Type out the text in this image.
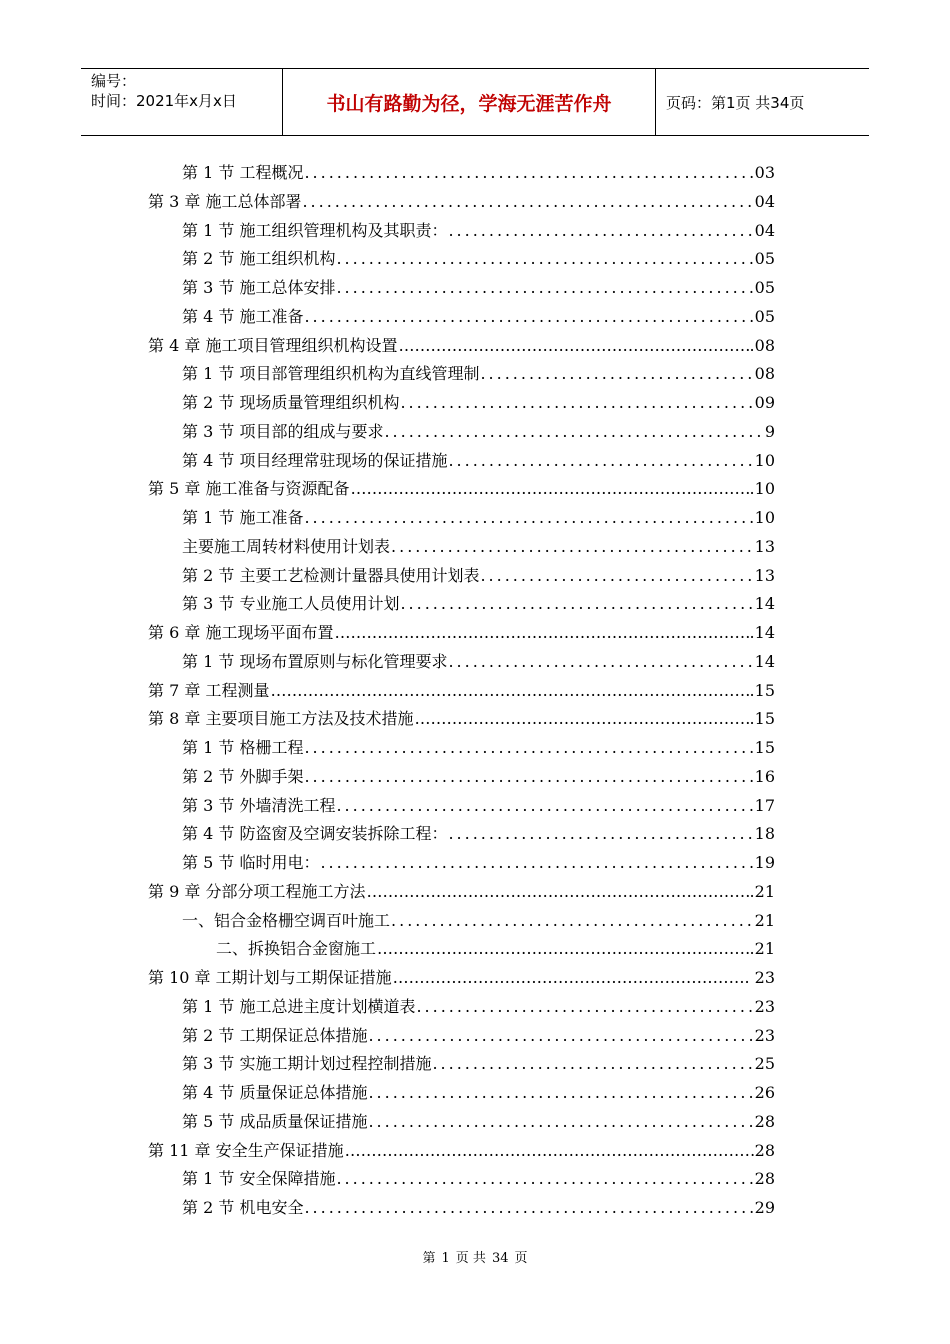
编号：
时间：2021年x月x日	书山有路勤为径，学海无涯苦作舟	页码：第1页 共34页
第 1 节 工程概况 .....	03
第 3 章 施工总体部署 .....	04
第 1 节 施工组织管理机构及其职责： .....	04
第 2 节 施工组织机构 .....	05
第 3 节 施工总体安排 .....	05
第 4 节 施工准备 .....	05
第 4 章 施工项目管理组织机构设置 ……………………………………………………………………………………………………………………………………………………………………………………………	.08
第 1 节 项目部管理组织机构为直线管理制 .....	08
第 2 节 现场质量管理组织机构 .....	09
第 3 节 项目部的组成与要求 .....	9
第 4 节 项目经理常驻现场的保证措施 .....	10
第 5 章 施工准备与资源配备 ……………………………………………………………………………………………………………………………………………………………………………………………	.10
第 1 节 施工准备 .....	10
主要施工周转材料使用计划表 .....	13
第 2 节 主要工艺检测计量器具使用计划表 .....	13
第 3 节 专业施工人员使用计划 .....	14
第 6 章 施工现场平面布置 ……………………………………………………………………………………………………………………………………………………………………………………………	.14
第 1 节 现场布置原则与标化管理要求 .....	14
第 7 章 工程测量 ……………………………………………………………………………………………………………………………………………………………………………………………	.15
第 8 章 主要项目施工方法及技术措施 ……………………………………………………………………………………………………………………………………………………………………………………………	.15
第 1 节 格栅工程 .....	15
第 2 节 外脚手架 .....	16
第 3 节 外墙清洗工程 .....	17
第 4 节 防盗窗及空调安装拆除工程： .....	18
第 5 节 临时用电： .....	19
第 9 章 分部分项工程施工方法 ……………………………………………………………………………………………………………………………………………………………………………………………	.21
一、铝合金格栅空调百叶施工 .....	21
二、拆换铝合金窗施工 ……………………………………………………………………………………………………………………………………………………………………………………………	.21
第 10 章 工期计划与工期保证措施 ……………………………………………………………………………………………………………………………………………………………………………………………	. 23
第 1 节 施工总进主度计划横道表 .....	23
第 2 节 工期保证总体措施 .....	23
第 3 节 实施工期计划过程控制措施 .....	25
第 4 节 质量保证总体措施 .....	26
第 5 节 成品质量保证措施 .....	28
第 11 章 安全生产保证措施 ……………………………………………………………………………………………………………………………………………………………………………………………	28
第 1 节 安全保障措施 .....	28
第 2 节 机电安全 .....	29
第 1 页 共 34 页
